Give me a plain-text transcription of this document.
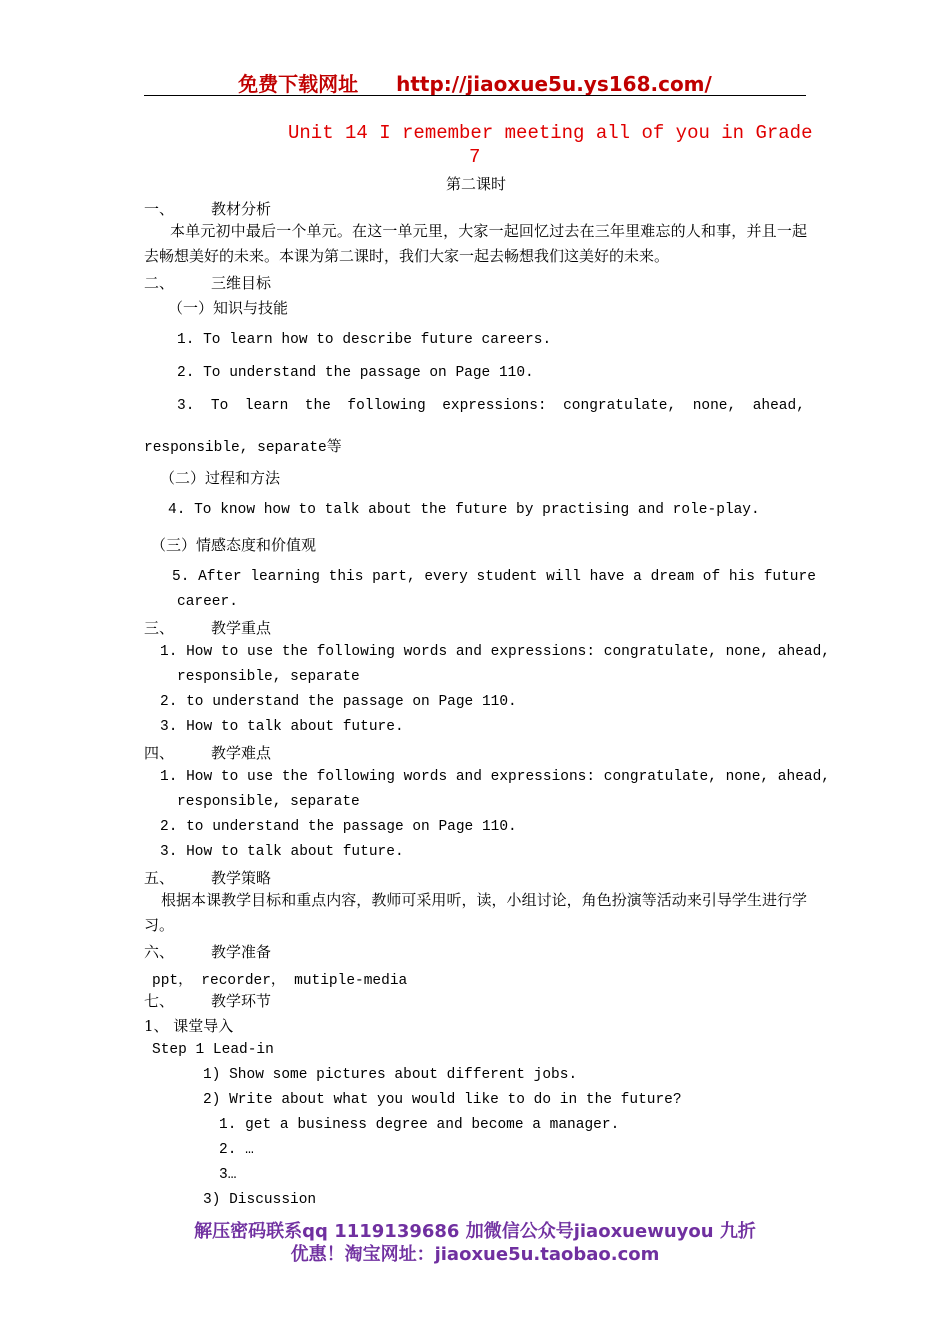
免费下载网址 http://jiaoxue5u.ys168.com/
Unit 14 I remember meeting all of you in Grade
7
第二课时
一、 教材分析
本单元初中最后一个单元。在这一单元里，大家一起回忆过去在三年里难忘的人和事，并且一起去畅想美好的未来。本课为第二课时，我们大家一起去畅想我们这美好的未来。
二、 三维目标
（一）知识与技能
1. To learn how to describe future careers.
2. To understand the passage on Page 110.
3. To learn the following expressions: congratulate, none, ahead,
responsible, separate等
（二）过程和方法
4. To know how to talk about the future by practising and role-play.
（三）情感态度和价值观
5. After learning this part, every student will have a dream of his future
career.
三、 教学重点
1. How to use the following words and expressions: congratulate, none, ahead,
responsible, separate
2. to understand the passage on Page 110.
3. How to talk about future.
四、 教学难点
1. How to use the following words and expressions: congratulate, none, ahead,
responsible, separate
2. to understand the passage on Page 110.
3. How to talk about future.
五、 教学策略
根据本课教学目标和重点内容，教师可采用听，读，小组讨论，角色扮演等活动来引导学生进行学习。
六、 教学准备
ppt， recorder， mutiple-media
七、 教学环节
1、 课堂导入
Step 1 Lead-in
1) Show some pictures about different jobs.
2) Write about what you would like to do in the future?
1. get a business degree and become a manager.
2. …
3…
3) Discussion
解压密码联系qq 1119139686 加微信公众号jiaoxuewuyou 九折
优惠！淘宝网址：jiaoxue5u.taobao.com
